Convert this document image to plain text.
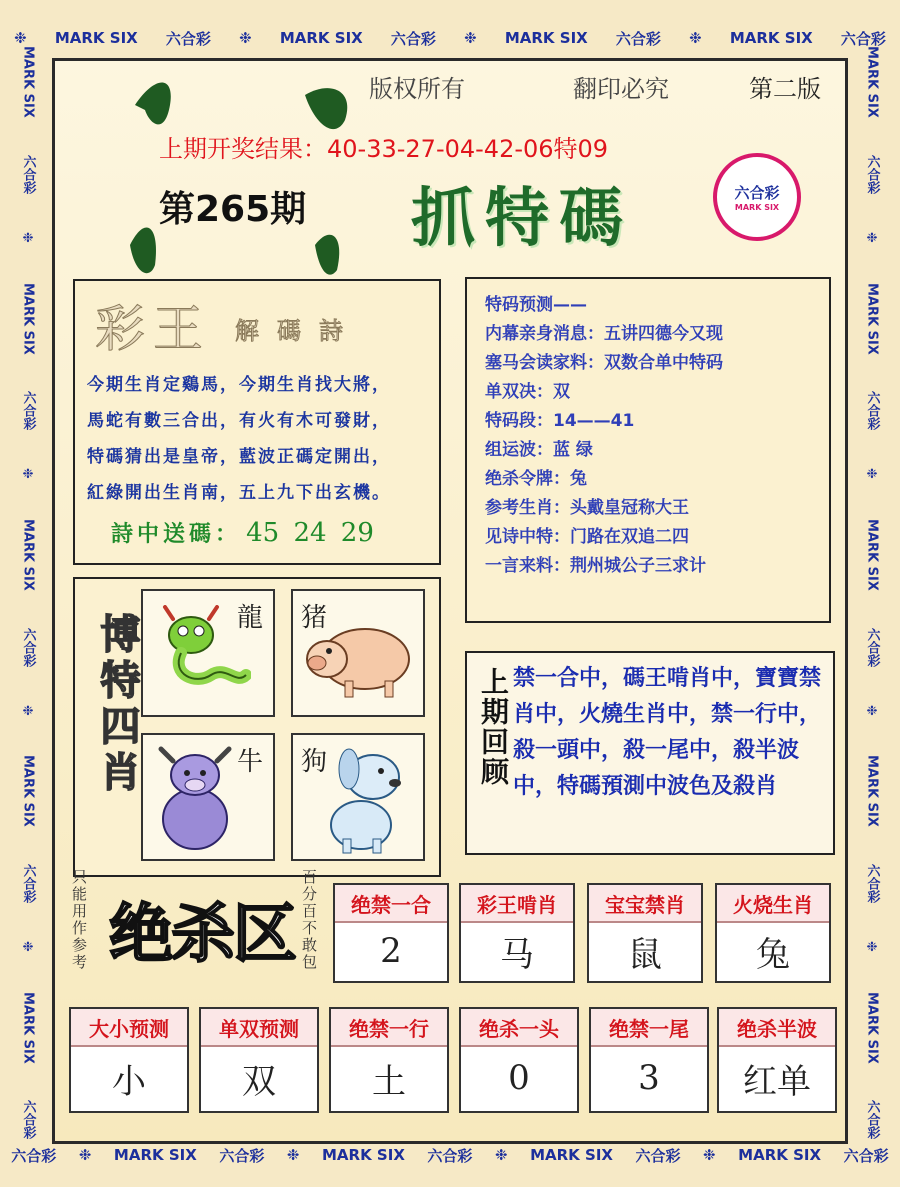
❉ MARK SIX 六合彩 ❉ MARK SIX 六合彩 ❉ MARK SIX 六合彩 ❉ MARK SIX 六合彩
六合彩 ❉ MARK SIX 六合彩 ❉ MARK SIX 六合彩 ❉ MARK SIX 六合彩 ❉ MARK SIX 六合彩
MARK SIX
六合彩
❉
MARK SIX
六合彩
❉
MARK SIX
六合彩
❉
MARK SIX
六合彩
❉
MARK SIX
六合彩
MARK SIX
六合彩
❉
MARK SIX
六合彩
❉
MARK SIX
六合彩
❉
MARK SIX
六合彩
❉
MARK SIX
六合彩
版权所有	翻印必究	第二版
上期开奖结果：40-33-27-04-42-06特09
第265期 抓特碼	六合彩
MARK SIX
彩王 解碼詩
今期生肖定鷄馬，今期生肖找大將，
馬蛇有數三合出，有火有木可發財，
特碼猜出是皇帝，藍波正碼定開出，
紅綠開出生肖南，五上九下出玄機。
詩中送碼： 45 24 29
特码预测——
内幕亲身消息：五讲四德今又现
塞马会读家料：双数合单中特码
单双决：双
特码段：14——41
组运波：蓝 绿
绝杀令牌：兔
参考生肖：头戴皇冠称大王
见诗中特：门路在双追二四
一言来料：荆州城公子三求计
博特四肖	龍 猪
牛 狗	上期回顾 禁一合中，碼王啃肖中，寶寶禁肖中，火燒生肖中，禁一行中，殺一頭中，殺一尾中，殺半波中，特碼預測中波色及殺肖
只能用作参考 绝杀区 百分百不敢包	绝禁一合
2
彩王啃肖
马
宝宝禁肖
鼠
火烧生肖
兔
大小预测
小
单双预测
双
绝禁一行
土
绝杀一头
0
绝禁一尾
3
绝杀半波
红单
